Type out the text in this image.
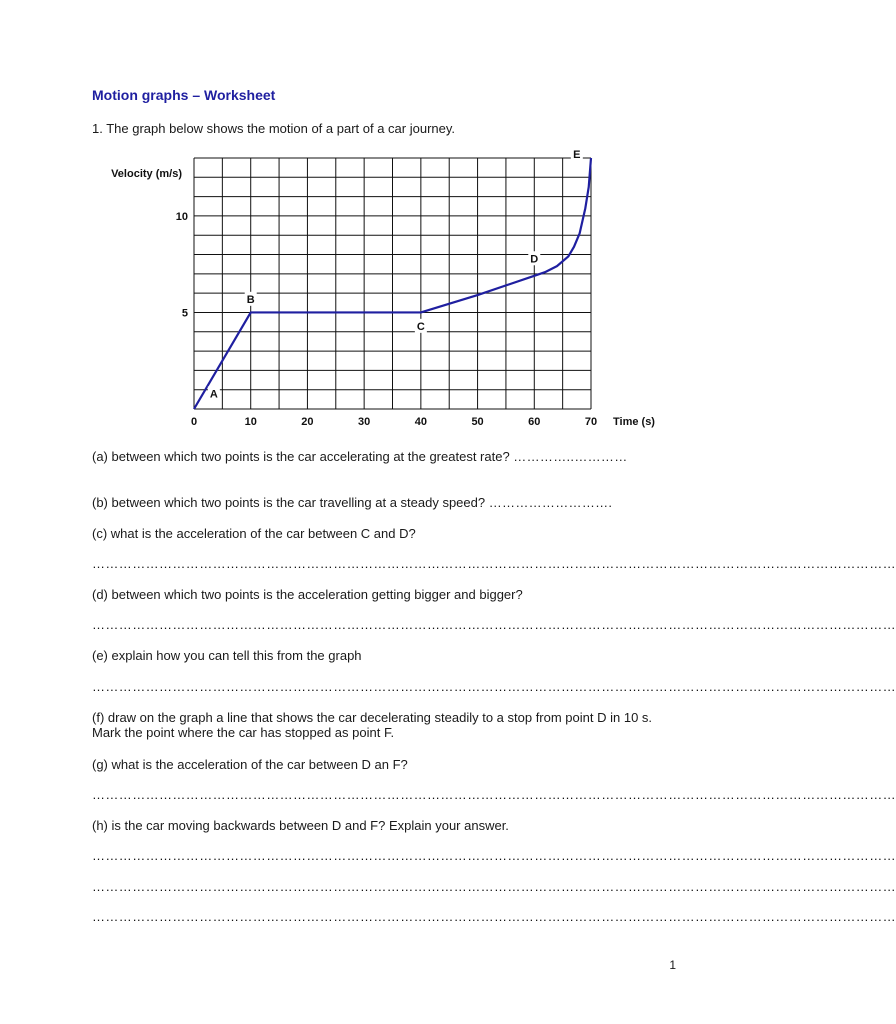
Motion graphs – Worksheet
1. The graph below shows the motion of a part of a car journey.
0	10	20	30	40	50	60	70
5
10
Velocity (m/s)
Time (s)
A
B
C
D
E
(a) between which two points is the car accelerating at the greatest rate? …………..…………
(b) between which two points is the car travelling at a steady speed? ……………………….
(c) what is the acceleration of the car between C and D?
………………………………………………………………………………………………………………………………………………………………
(d) between which two points is the acceleration getting bigger and bigger?
………………………………………………………………………………………………………………………………………………………………
(e) explain how you can tell this from the graph
………………………………………………………………………………………………………………………………………………………………
(f) draw on the graph a line that shows the car decelerating steadily to a stop from point D in 10 s. Mark the point where the car has stopped as point F.
(g) what is the acceleration of the car between D an F?
………………………………………………………………………………………………………………………………………………………………
(h) is the car moving backwards between D and F? Explain your answer.
………………………………………………………………………………………………………………………………………………………………
………………………………………………………………………………………………………………………………………………………………
………………………………………………………………………………………………………………………………………………………………
1
